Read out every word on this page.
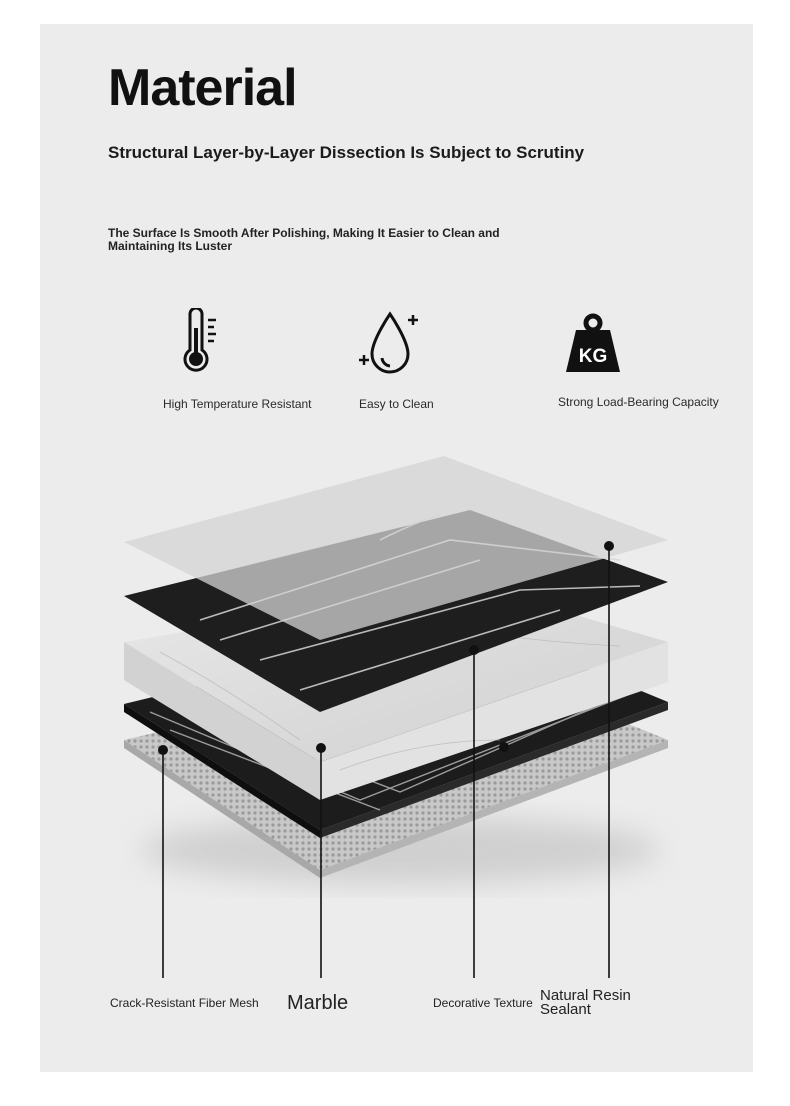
Material
Structural Layer-by-Layer Dissection Is Subject to Scrutiny

The Surface Is Smooth After Polishing, Making It Easier to Clean and Maintaining Its Luster

High Temperature Resistant	Easy to Clean
KG
Strong Load-Bearing Capacity
Crack-Resistant Fiber Mesh Marble	Decorative Texture Natural Resin
Sealant
